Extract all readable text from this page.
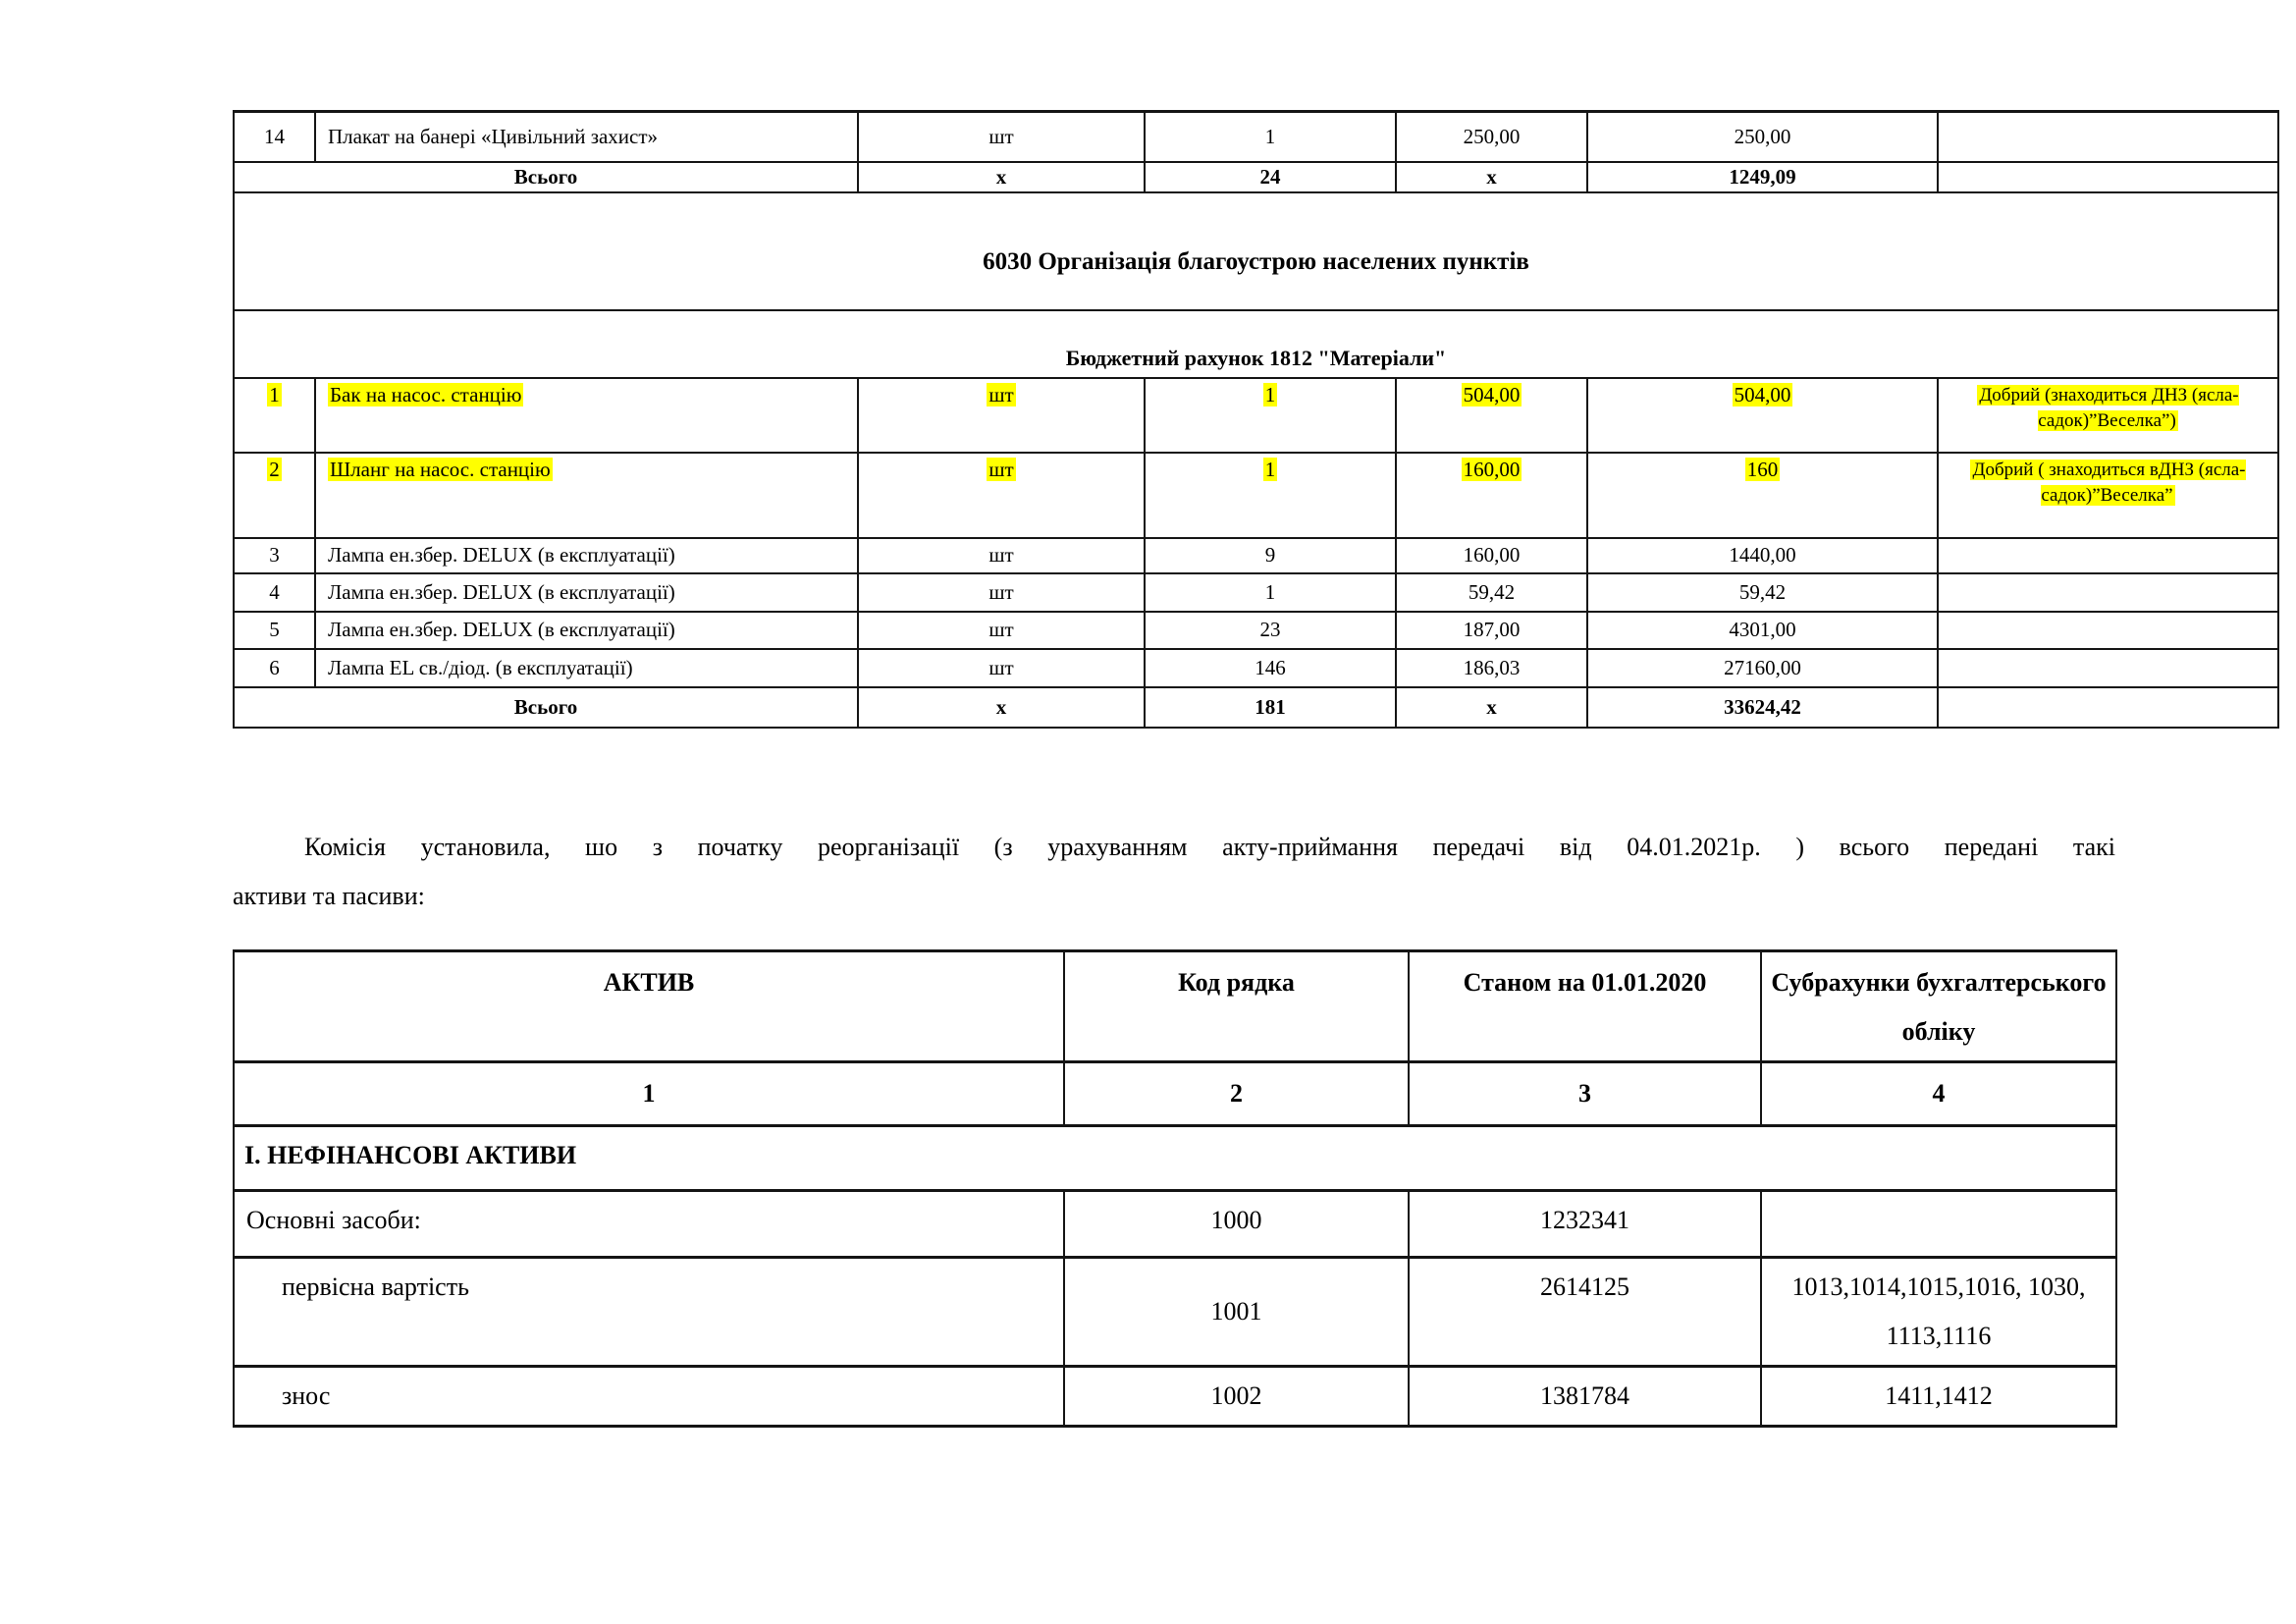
14	Плакат на банері «Цивільний захист»	шт	1	250,00	250,00	
Всього		x	24	x	1249,09	
6030 Організація благоустрою населених пунктів						
Бюджетний рахунок 1812 "Матеріали"						
1	Бак на насос. станцію	шт	1	504,00	504,00	Добрий (знаходиться ДНЗ (ясла-садок)”Веселка”)
2	Шланг на насос. станцію	шт	1	160,00	160	Добрий ( знаходиться вДНЗ (ясла-садок)”Веселка”
3	Лампа ен.збер. DELUX (в експлуатації)	шт	9	160,00	1440,00	
4	Лампа ен.збер. DELUX (в експлуатації)	шт	1	59,42	59,42	
5	Лампа ен.збер. DELUX (в експлуатації)	шт	23	187,00	4301,00	
6	Лампа EL св./діод. (в експлуатації)	шт	146	186,03	27160,00	
Всього		x	181	x	33624,42	
Комісія установила, шо з початку реорганізації (з урахуванням акту-приймання передачі від 04.01.2021р. ) всього передані такі
активи та пасиви:
АКТИВ	Код рядка	Станом на 01.01.2020	Субрахунки бухгалтерського обліку
1	2	3	4
І. НЕФІНАНСОВІ АКТИВИ			
Основні засоби:	1000	1232341	
первісна вартість	1001	2614125	1013,1014,1015,1016, 1030, 1113,1116
знос	1002	1381784	1411,1412
